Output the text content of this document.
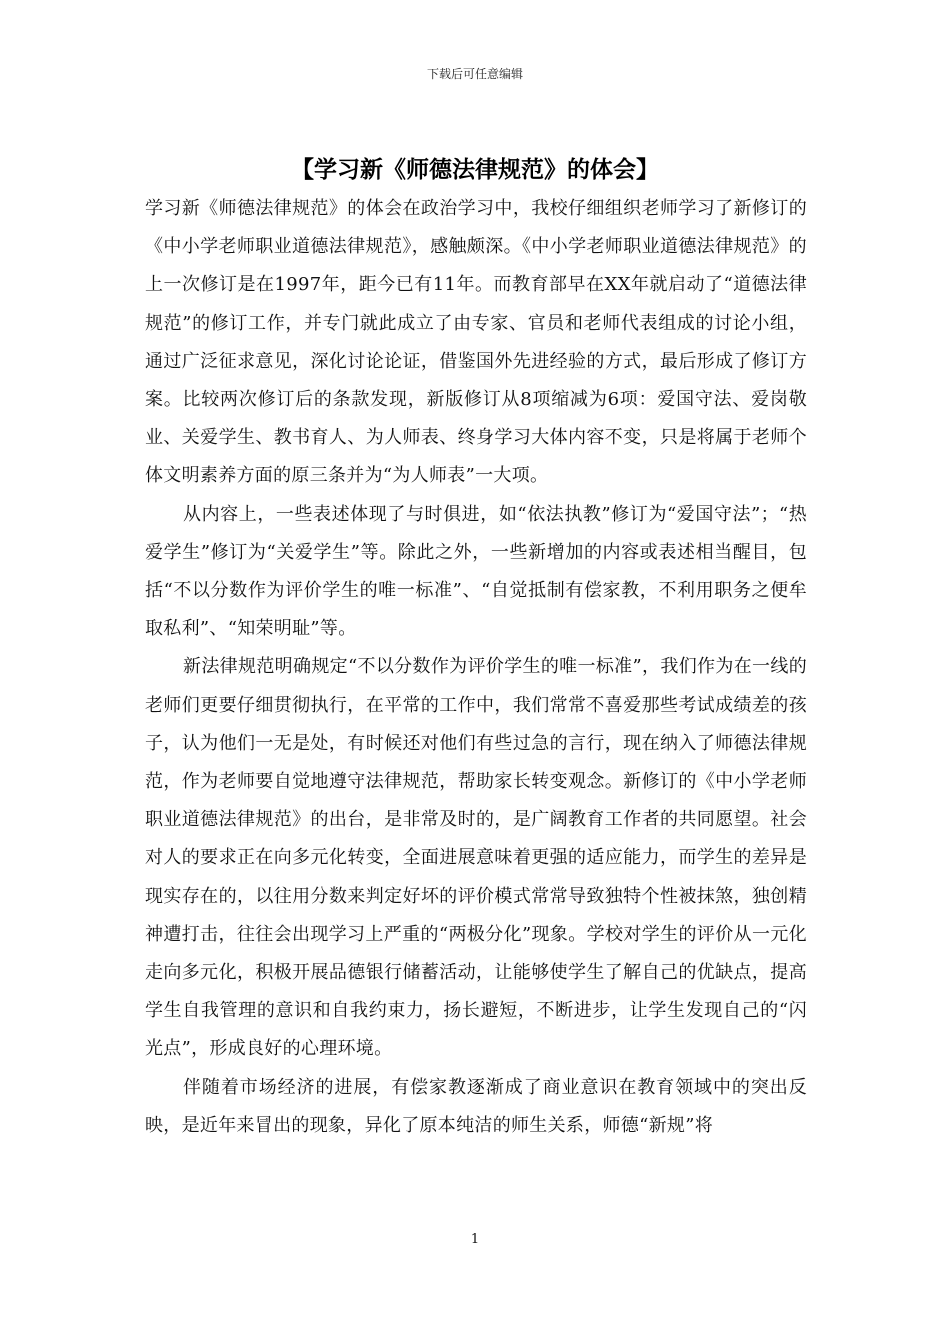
下载后可任意编辑
【学习新《师德法律规范》的体会】

学习新《师德法律规范》的体会在政治学习中，我校仔细组织老师学习了新修订的《中小学老师职业道德法律规范》，感触颇深。《中小学老师职业道德法律规范》的上一次修订是在1997年，距今已有11年。而教育部早在XX年就启动了“道德法律规范”的修订工作，并专门就此成立了由专家、官员和老师代表组成的讨论小组，通过广泛征求意见，深化讨论论证，借鉴国外先进经验的方式，最后形成了修订方案。比较两次修订后的条款发现，新版修订从8项缩减为6项：爱国守法、爱岗敬业、关爱学生、教书育人、为人师表、终身学习大体内容不变，只是将属于老师个体文明素养方面的原三条并为“为人师表”一大项。

从内容上，一些表述体现了与时俱进，如“依法执教”修订为“爱国守法”；“热爱学生”修订为“关爱学生”等。除此之外，一些新增加的内容或表述相当醒目，包括“不以分数作为评价学生的唯一标准”、“自觉抵制有偿家教，不利用职务之便牟取私利”、“知荣明耻”等。

新法律规范明确规定“不以分数作为评价学生的唯一标准”，我们作为在一线的老师们更要仔细贯彻执行，在平常的工作中，我们常常不喜爱那些考试成绩差的孩子，认为他们一无是处，有时候还对他们有些过急的言行，现在纳入了师德法律规范，作为老师要自觉地遵守法律规范，帮助家长转变观念。新修订的《中小学老师职业道德法律规范》的出台，是非常及时的，是广阔教育工作者的共同愿望。社会对人的要求正在向多元化转变，全面进展意味着更强的适应能力，而学生的差异是现实存在的，以往用分数来判定好坏的评价模式常常导致独特个性被抹煞，独创精神遭打击，往往会出现学习上严重的“两极分化”现象。学校对学生的评价从一元化走向多元化，积极开展品德银行储蓄活动，让能够使学生了解自己的优缺点，提高学生自我管理的意识和自我约束力，扬长避短，不断进步，让学生发现自己的“闪光点”，形成良好的心理环境。

伴随着市场经济的进展，有偿家教逐渐成了商业意识在教育领域中的突出反映，是近年来冒出的现象，异化了原本纯洁的师生关系，师德“新规”将

1
